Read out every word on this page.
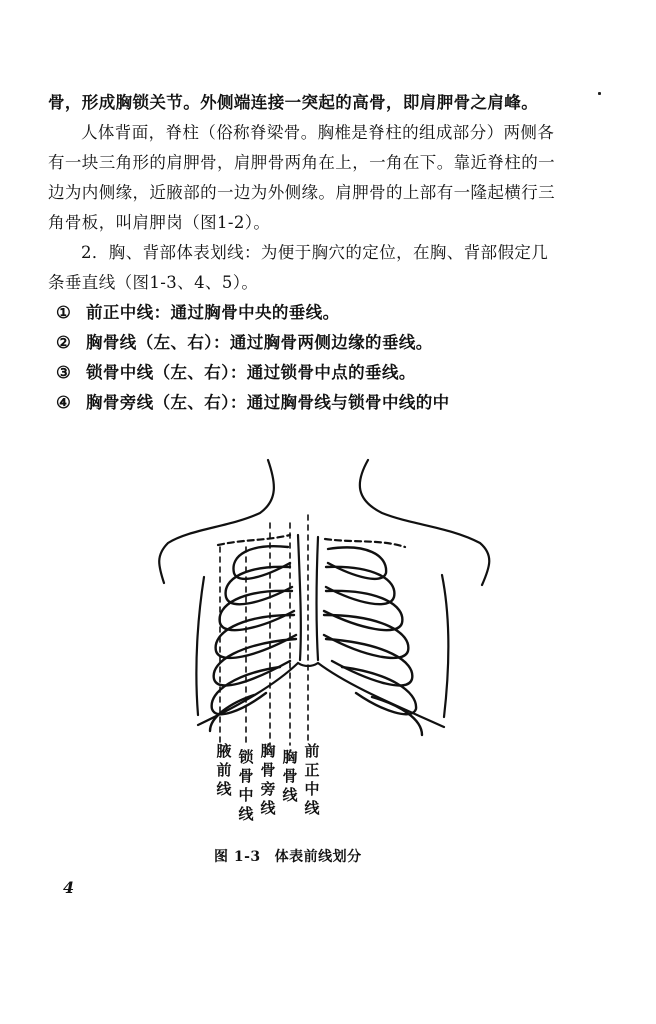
骨，形成胸锁关节。外侧端连接一突起的高骨，即肩胛骨之肩峰。

人体背面，脊柱（俗称脊梁骨。胸椎是脊柱的组成部分）两侧各有一块三角形的肩胛骨，肩胛骨两角在上，一角在下。靠近脊柱的一边为内侧缘，近腋部的一边为外侧缘。肩胛骨的上部有一隆起横行三角骨板，叫肩胛岗（图1-2）。

2．胸、背部体表划线：为便于胸穴的定位，在胸、背部假定几条垂直线（图1-3、4、5）。

① 前正中线：通过胸骨中央的垂线。

② 胸骨线（左、右）：通过胸骨两侧边缘的垂线。

③ 锁骨中线（左、右）：通过锁骨中点的垂线。

④ 胸骨旁线（左、右）：通过胸骨线与锁骨中线的中

腋前线
锁骨中线
胸骨旁线
胸骨线
前正中线
图 1-3 体表前线划分
4
